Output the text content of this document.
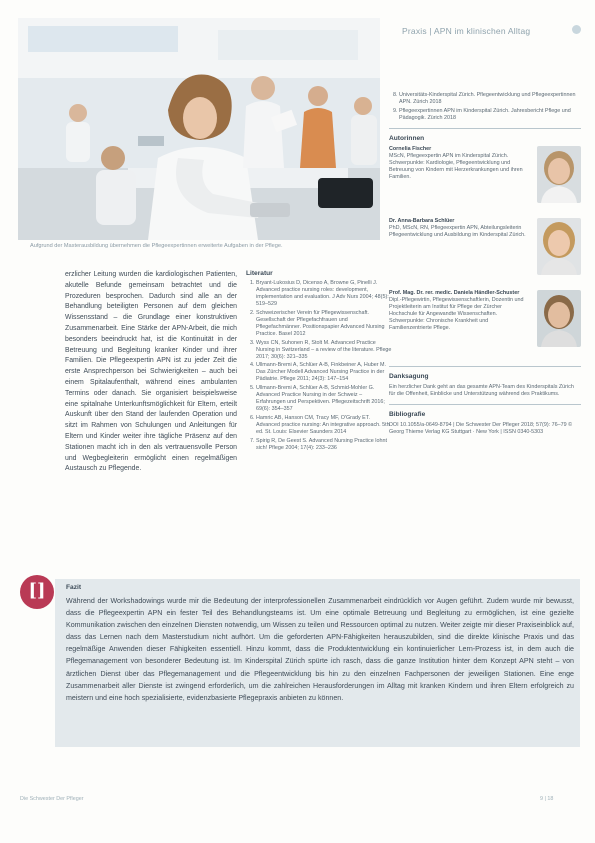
Praxis | APN im klinischen Alltag
Aufgrund der Masterausbildung übernehmen die Pflegeexpertinnen erweiterte Aufgaben in der Pflege.

erzlicher Leitung wurden die kardiologischen Patienten, akutelle Befunde gemeinsam betrachtet und die Prozeduren besprochen. Dadurch sind alle an der Behandlung beteiligten Personen auf dem gleichen Wissensstand – die Grundlage einer konstruktiven Zusammenarbeit. Eine Stärke der APN-Arbeit, die mich besonders beeindruckt hat, ist die Kontinuität in der Betreuung und Begleitung kranker Kinder und ihrer Familien. Die Pflegeexpertin APN ist zu jeder Zeit die erste Ansprechperson bei Schwierigkeiten – auch bei einem Spitalaufenthalt, während eines ambulanten Termins oder danach. Sie organisiert beispielsweise eine spitalnahe Unterkunftsmöglichkeit für Eltern, erteilt Auskunft über den Stand der laufenden Operation und sitzt im Rahmen von Schulungen und Anleitungen für Eltern und Kinder weiter ihre tägliche Präsenz auf den Stationen macht ich in den als vertrauensvolle Person und Wegbegleiterin ermöglicht einen regelmäßigen Austausch zu Pflegende.

Literatur
1. Bryant-Lukosius D, Dicenso A, Browne G, Pinelli J. Advanced practice nursing roles: development, implementation and evaluation. J Adv Nurs 2004; 48(5): 519–529
2. Schweizerischer Verein für Pflegewissenschaft. Gesellschaft der Pflegefachfrauen und Pflegefachmänner. Positionspapier Advanced Nursing Practice. Basel 2012
3. Wyss CN, Suhonen R, Stolt M. Advanced Practice Nursing in Switzerland – a review of the literature. Pflege 2017; 30(6): 321–335
4. Ullmann-Bremi A, Schlüer A-B, Finkbeiner A, Huber M. Das Zürcher Modell Advanced Nursing Practice in der Pädiatrie. Pflege 2011; 24(3): 147–154
5. Ullmann-Bremi A, Schlüer A-B, Schmid-Mohler G. Advanced Practice Nursing in der Schweiz – Erfahrungen und Perspektiven. Pflegezeitschrift 2016; 69(6): 354–357
6. Hamric AB, Hanson CM, Tracy MF, O'Grady ET. Advanced practice nursing: An integrative approach. 5th ed. St. Louis: Elsevier Saunders 2014
7. Spirig R, De Geest S. Advanced Nursing Practice lohnt sich! Pflege 2004; 17(4): 233–236
8. Universitäts-Kinderspital Zürich. Pflegeentwicklung und Pflegeexpertinnen APN. Zürich 2018
9. Pflegeexpertinnen APN im Kinderspital Zürich. Jahresbericht Pflege und Pädagogik. Zürich 2018
Autorinnen
Cornelia Fischer
MScN, Pflegeexpertin APN im Kinderspital Zürich. Schwerpunkte: Kardiologie, Pflegeentwicklung und Betreuung von Kindern mit Herzerkrankungen und ihren Familien.
Dr. Anna-Barbara Schlüer
PhD, MScN, RN, Pflegeexpertin APN, Abteilungsleiterin Pflegeentwicklung und Ausbildung im Kinderspital Zürich.
Prof. Mag. Dr. rer. medic. Daniela Händler-Schuster
Dipl.-Pflegewirtin, Pflegewissenschaftlerin, Dozentin und Projektleiterin am Institut für Pflege der Zürcher Hochschule für Angewandte Wissenschaften. Schwerpunkte: Chronische Krankheit und Familienzentrierte Pflege.
Danksagung
Ein herzlicher Dank geht an das gesamte APN-Team des Kinderspitals Zürich für die Offenheit, Einblicke und Unterstützung während des Praktikums.
Bibliografie
DOI 10.1055/a-0649-8794 | Die Schwester Der Pfleger 2018; 57(9): 76–79 © Georg Thieme Verlag KG Stuttgart · New York | ISSN 0340-5303
[]	Fazit
Während der Workshadowings wurde mir die Bedeutung der interprofessionellen Zusammenarbeit eindrücklich vor Augen geführt. Zudem wurde mir bewusst, dass die Pflegeexpertin APN ein fester Teil des Behandlungsteams ist. Um eine optimale Betreuung und Begleitung zu ermöglichen, ist eine gezielte Kommunikation zwischen den einzelnen Diensten notwendig, um Wissen zu teilen und Ressourcen optimal zu nutzen. Weiter zeigte mir dieser Praxiseinblick auf, dass das Lernen nach dem Masterstudium nicht aufhört. Um die geforderten APN-Fähigkeiten herauszubilden, sind die direkte klinische Praxis und das regelmäßige Anwenden dieser Fähigkeiten essentiell. Hinzu kommt, dass die Produktentwicklung ein kontinuierlicher Lern-Prozess ist, in dem auch die Pflegemanagement von besonderer Bedeutung ist. Im Kinderspital Zürich spürte ich rasch, dass die ganze Institution hinter dem Konzept APN steht – von ärztlichen Dienst über das Pflegemanagement und die Pflegeentwicklung bis hin zu den einzelnen Fachpersonen der jeweiligen Stationen. Eine enge Zusammenarbeit aller Dienste ist zwingend erforderlich, um die zahlreichen Herausforderungen im Alltag mit kranken Kindern und ihren Eltern erfolgreich zu meistern und eine hoch spezialisierte, evidenzbasierte Pflegepraxis anbieten zu können.
Die Schwester Der Pfleger	9 | 18
